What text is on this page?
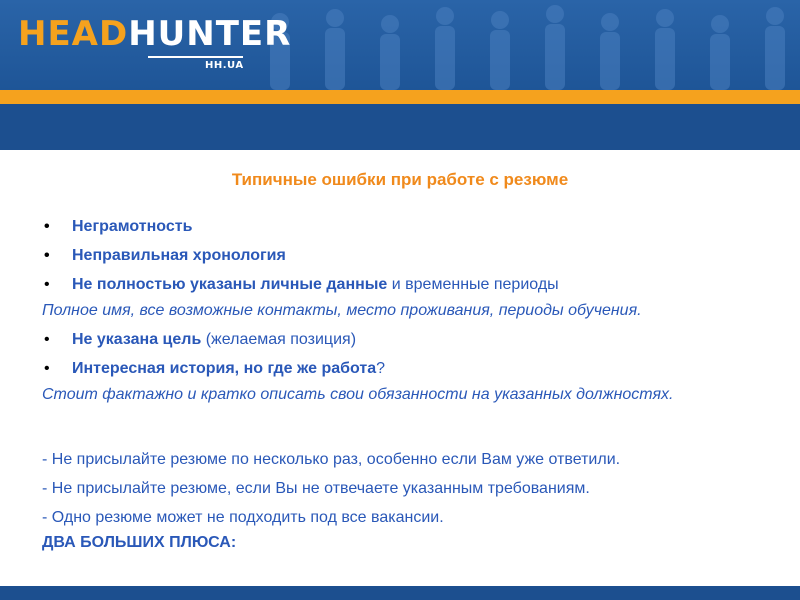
HEADHUNTER
HH.UA
Типичные ошибки при работе с резюме
• Неграмотность
• Неправильная хронология
• Не полностью указаны личные данные и временные периоды
Полное имя, все возможные контакты, место проживания, периоды обучения.
• Не указана цель (желаемая позиция)
• Интересная история, но где же работа?
Стоит фактажно и кратко описать свои обязанности на указанных должностях.
- Не присылайте резюме по несколько раз, особенно если Вам уже ответили.
- Не присылайте резюме, если Вы не отвечаете указанным требованиям.
- Одно резюме может не подходить под все вакансии.
ДВА БОЛЬШИХ ПЛЮСА:
